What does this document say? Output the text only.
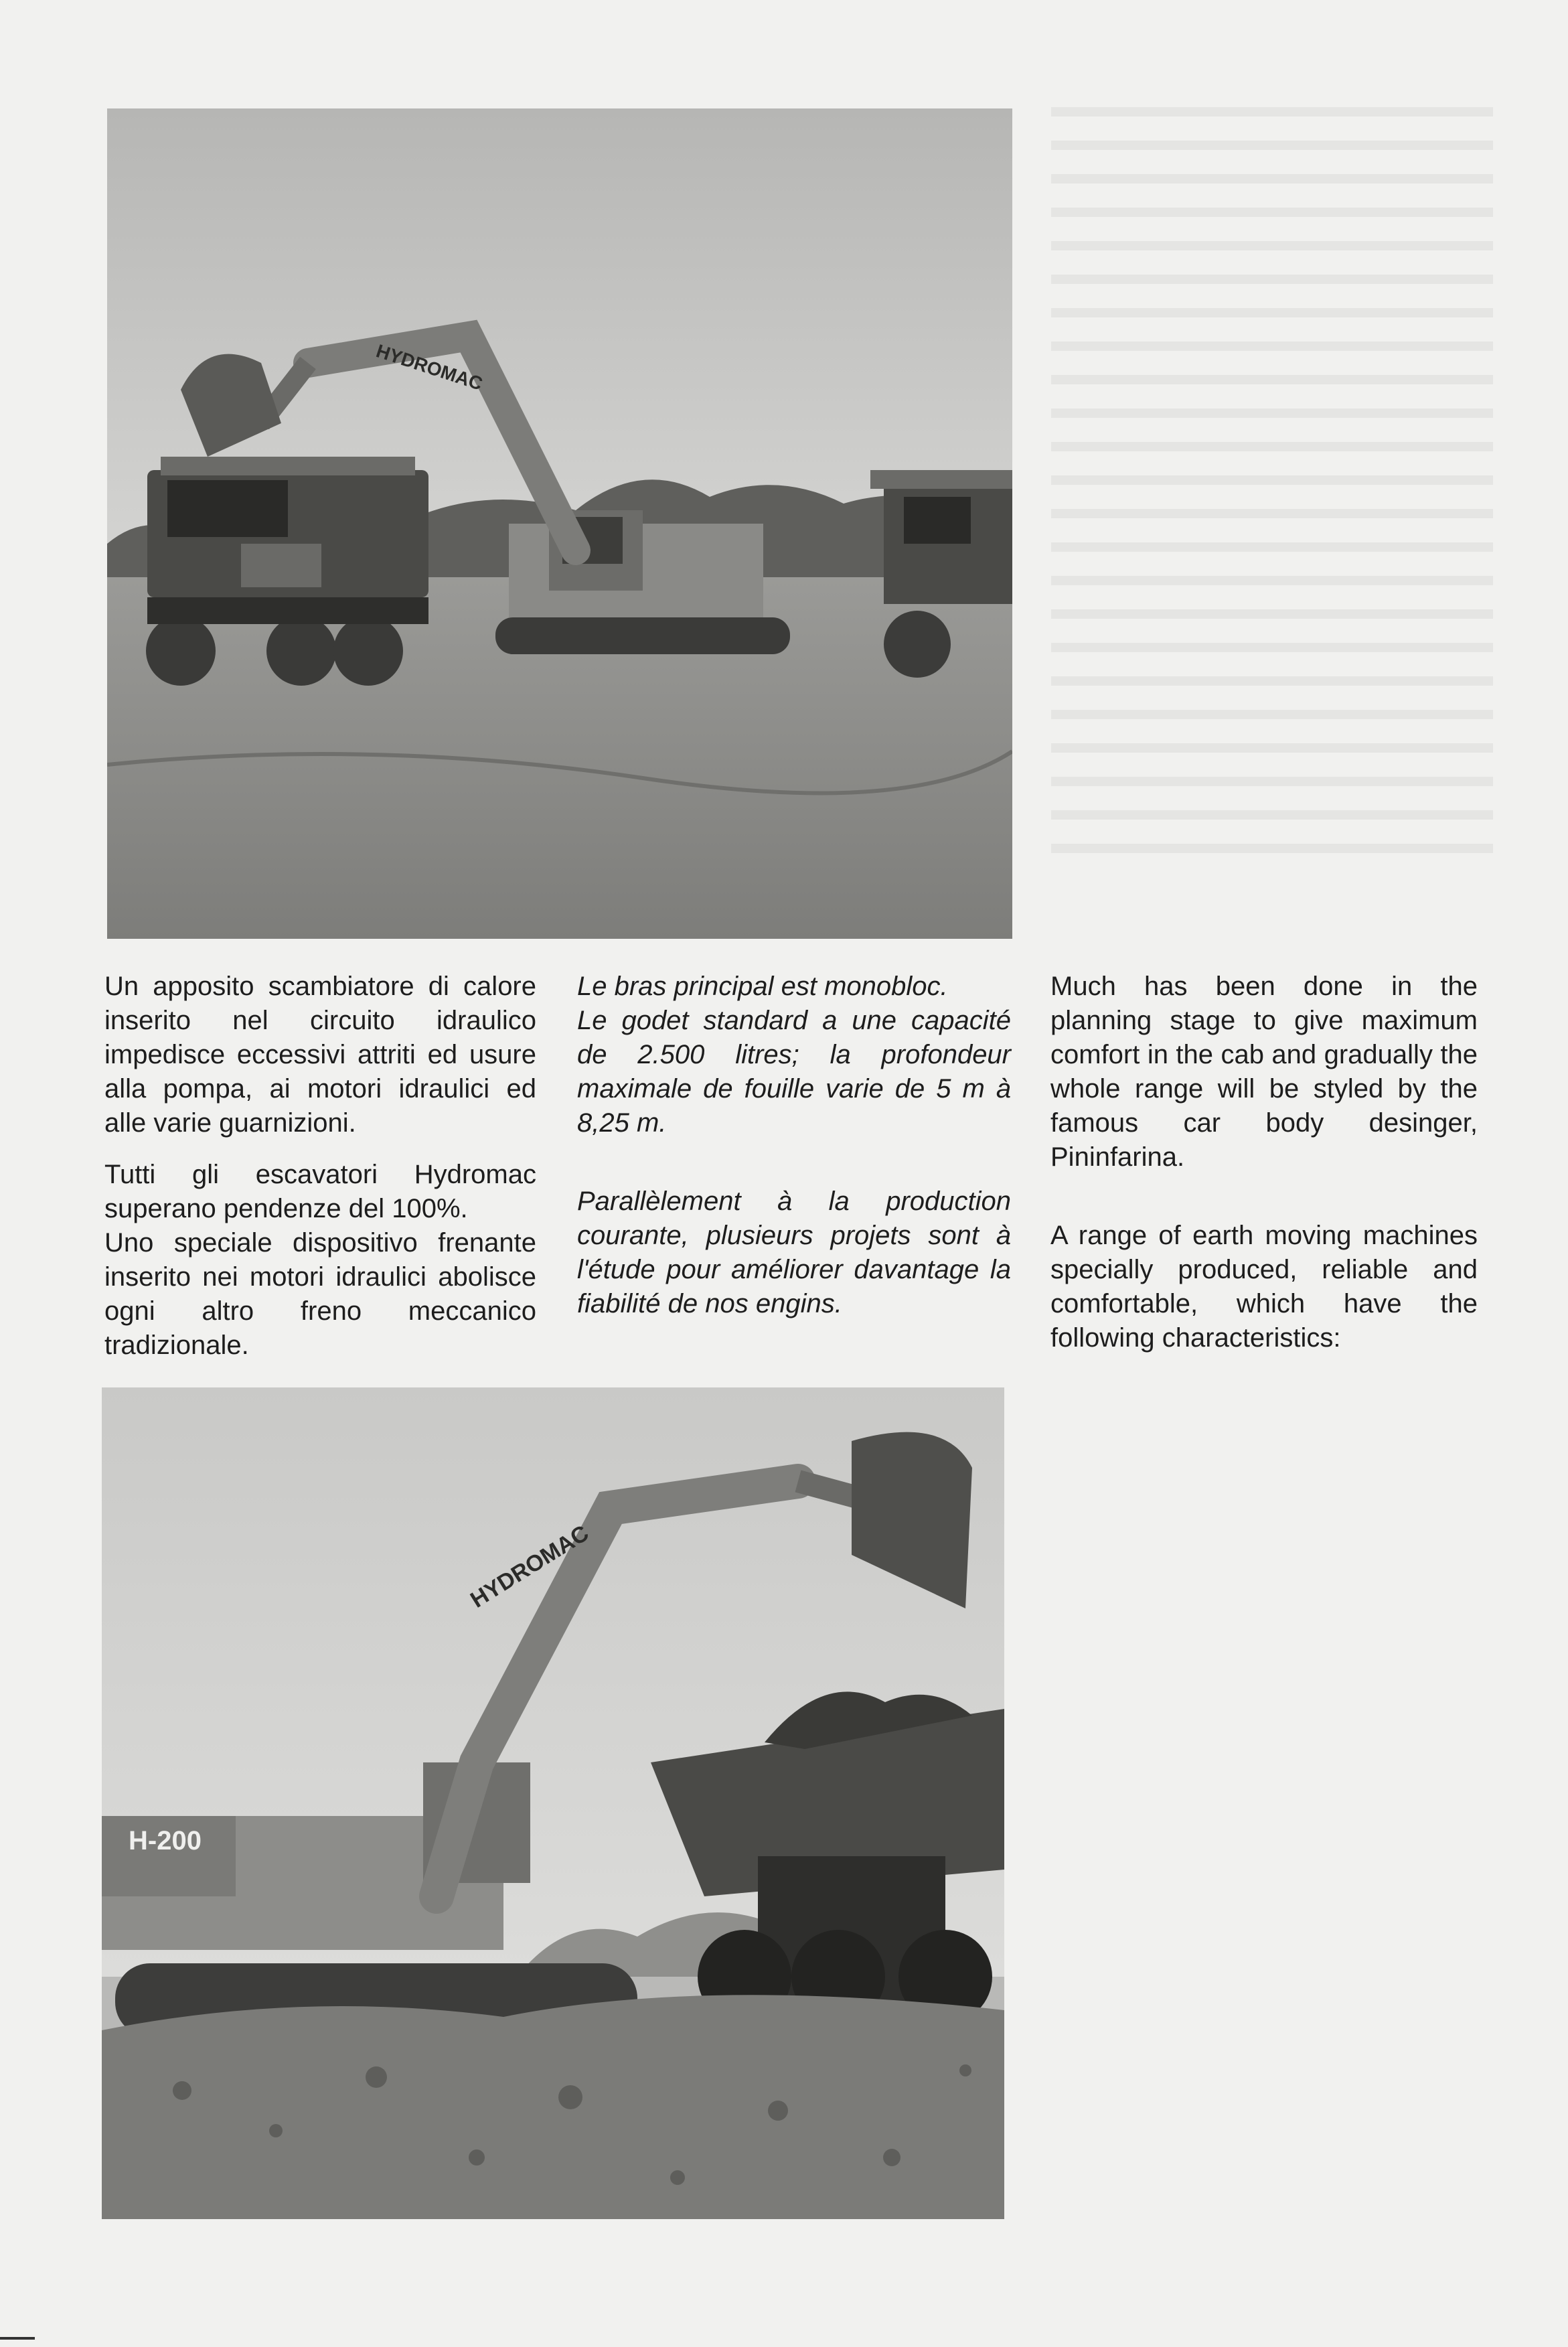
HYDROMAC

Un apposito scambiatore di calore inserito nel circuito idraulico impedisce eccessivi attriti ed usure alla pompa, ai motori idraulici ed alle varie guarnizioni.

Tutti gli escavatori Hydromac superano pendenze del 100%.

Uno speciale dispositivo frenante inserito nei motori idraulici abolisce ogni altro freno meccanico tradizionale.

Le bras principal est monobloc.

Le godet standard a une capacité de 2.500 litres; la profondeur maximale de fouille varie de 5 m à 8,25 m.

Parallèlement à la production courante, plusieurs projets sont à l'étude pour améliorer davantage la fiabilité de nos engins.

Much has been done in the planning stage to give maximum comfort in the cab and gradually the whole range will be styled by the famous car body desinger, Pininfarina.

A range of earth moving machines specially produced, reliable and comfortable, which have the following characteristics:

HYDROMAC
H-200
